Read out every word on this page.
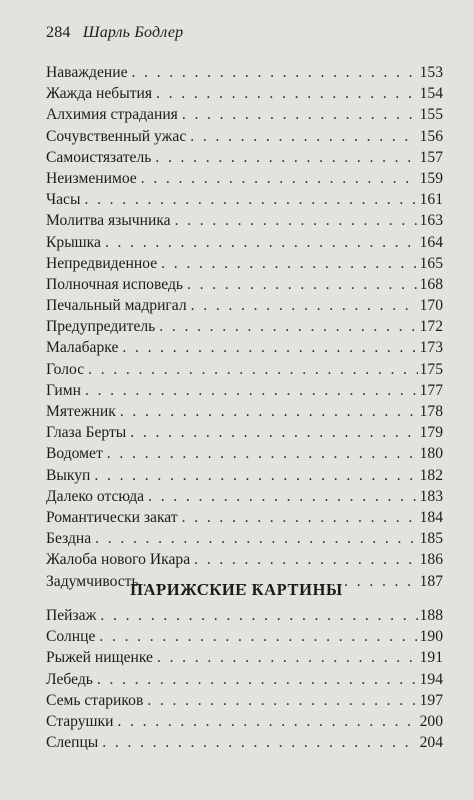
284 Шарль Бодлер
Наваждение . . .	153
Жажда небытия . . .	154
Алхимия страдания . . .	155
Сочувственный ужас . . .	156
Самоистязатель . . .	157
Неизменимое . . .	159
Часы . . .	161
Молитва язычника . . .	163
Крышка . . .	164
Непредвиденное . . .	165
Полночная исповедь . . .	168
Печальный мадригал . . .	170
Предупредитель . . .	172
Малабарке . . .	173
Голос . . .	175
Гимн . . .	177
Мятежник . . .	178
Глаза Берты . . .	179
Водомет . . .	180
Выкуп . . .	182
Далеко отсюда . . .	183
Романтически закат . . .	184
Бездна . . .	185
Жалоба нового Икара . . .	186
Задумчивость . . .	187
ПАРИЖСКИЕ КАРТИНЫ
Пейзаж . . .	188
Солнце . . .	190
Рыжей нищенке . . .	191
Лебедь . . .	194
Семь стариков . . .	197
Старушки . . .	200
Слепцы . . .	204
